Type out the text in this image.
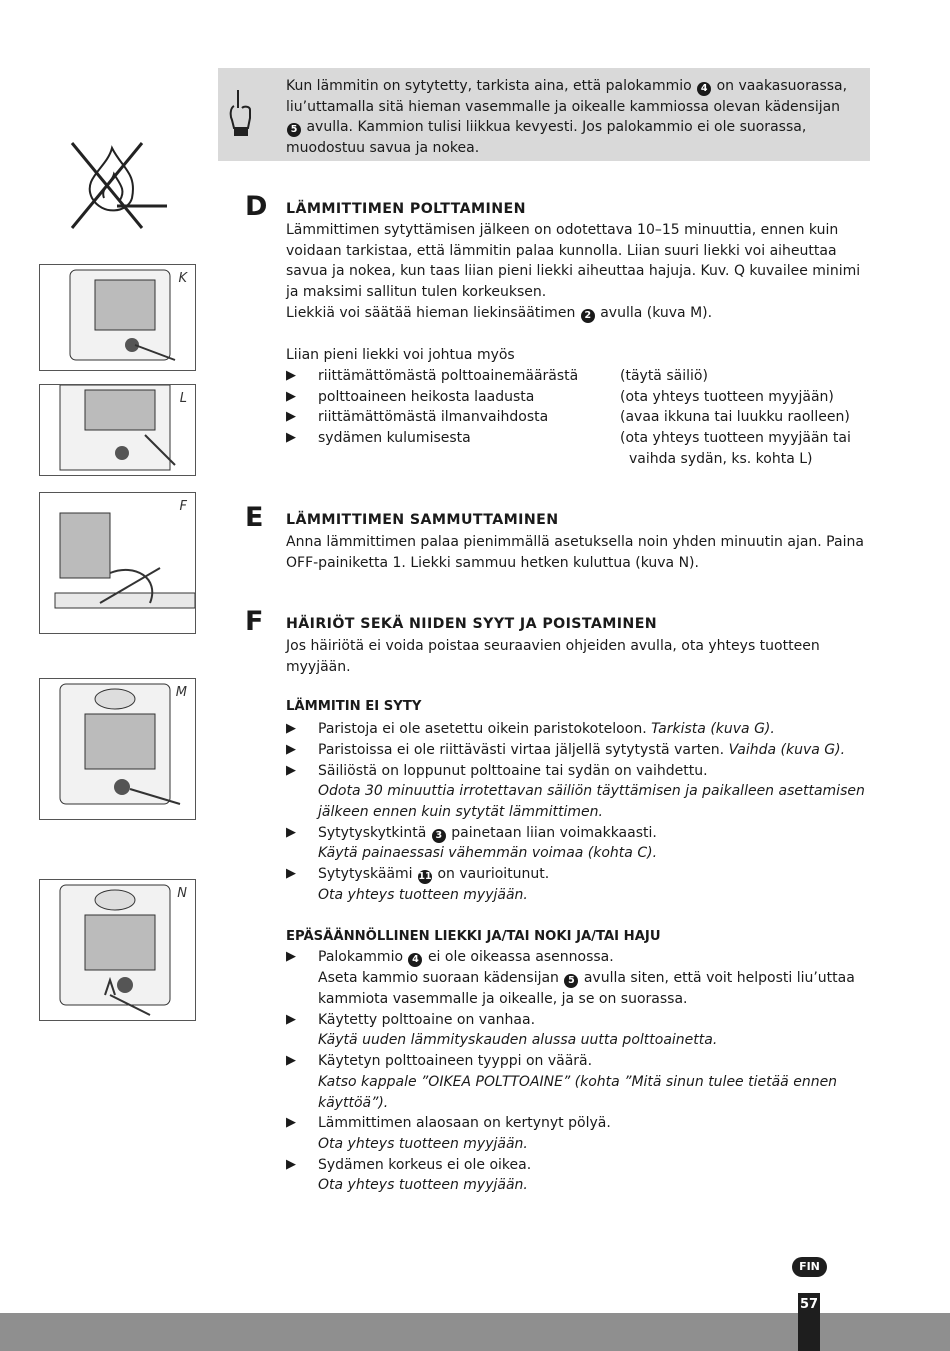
Kun lämmitin on sytytetty, tarkista aina, että palokammio 4 on vaakasuorassa,
liu’uttamalla sitä hieman vasemmalle ja oikealle kammiossa olevan kädensijan
5 avulla. Kammion tulisi liikkua kevyesti. Jos palokammio ei ole suorassa,
muodostuu savua ja nokea.
K
L
F
M
N
D LÄMMITTIMEN POLTTAMINEN
Lämmittimen sytyttämisen jälkeen on odotettava 10–15 minuuttia, ennen kuin
voidaan tarkistaa, että lämmitin palaa kunnolla. Liian suuri liekki voi aiheuttaa
savua ja nokea, kun taas liian pieni liekki aiheuttaa hajuja. Kuv. Q kuvailee minimi
ja maksimi sallitun tulen korkeuksen.
Liekkiä voi säätää hieman liekinsäätimen 2 avulla (kuva M).
Liian pieni liekki voi johtua myös
▶ riittämättömästä polttoainemäärästä	(täytä säiliö)
▶ polttoaineen heikosta laadusta	(ota yhteys tuotteen myyjään)
▶ riittämättömästä ilmanvaihdosta	(avaa ikkuna tai luukku raolleen)
▶ sydämen kulumisesta	(ota yhteys tuotteen myyjään tai
vaihda sydän, ks. kohta L)
E LÄMMITTIMEN SAMMUTTAMINEN
Anna lämmittimen palaa pienimmällä asetuksella noin yhden minuutin ajan. Paina
OFF-painiketta 1. Liekki sammuu hetken kuluttua (kuva N).
F HÄIRIÖT SEKÄ NIIDEN SYYT JA POISTAMINEN
Jos häiriötä ei voida poistaa seuraavien ohjeiden avulla, ota yhteys tuotteen
myyjään.
LÄMMITIN EI SYTY
▶ Paristoja ei ole asetettu oikein paristokoteloon. Tarkista (kuva G).
▶ Paristoissa ei ole riittävästi virtaa jäljellä sytytystä varten. Vaihda (kuva G).
▶ Säiliöstä on loppunut polttoaine tai sydän on vaihdettu.
Odota 30 minuuttia irrotettavan säiliön täyttämisen ja paikalleen asettamisen
jälkeen ennen kuin sytytät lämmittimen.
▶ Sytytyskytkintä 3 painetaan liian voimakkaasti.
Käytä painaessasi vähemmän voimaa (kohta C).
▶ Sytytyskäämi 11 on vaurioitunut.
Ota yhteys tuotteen myyjään.
EPÄSÄÄNNÖLLINEN LIEKKI JA/TAI NOKI JA/TAI HAJU
▶ Palokammio 4 ei ole oikeassa asennossa.
Aseta kammio suoraan kädensijan 5 avulla siten, että voit helposti liu’uttaa
kammiota vasemmalle ja oikealle, ja se on suorassa.
▶ Käytetty polttoaine on vanhaa.
Käytä uuden lämmityskauden alussa uutta polttoainetta.
▶ Käytetyn polttoaineen tyyppi on väärä.
Katso kappale ”OIKEA POLTTOAINE” (kohta ”Mitä sinun tulee tietää ennen
käyttöä”).
▶ Lämmittimen alaosaan on kertynyt pölyä.
Ota yhteys tuotteen myyjään.
▶ Sydämen korkeus ei ole oikea.
Ota yhteys tuotteen myyjään.
57
FIN
